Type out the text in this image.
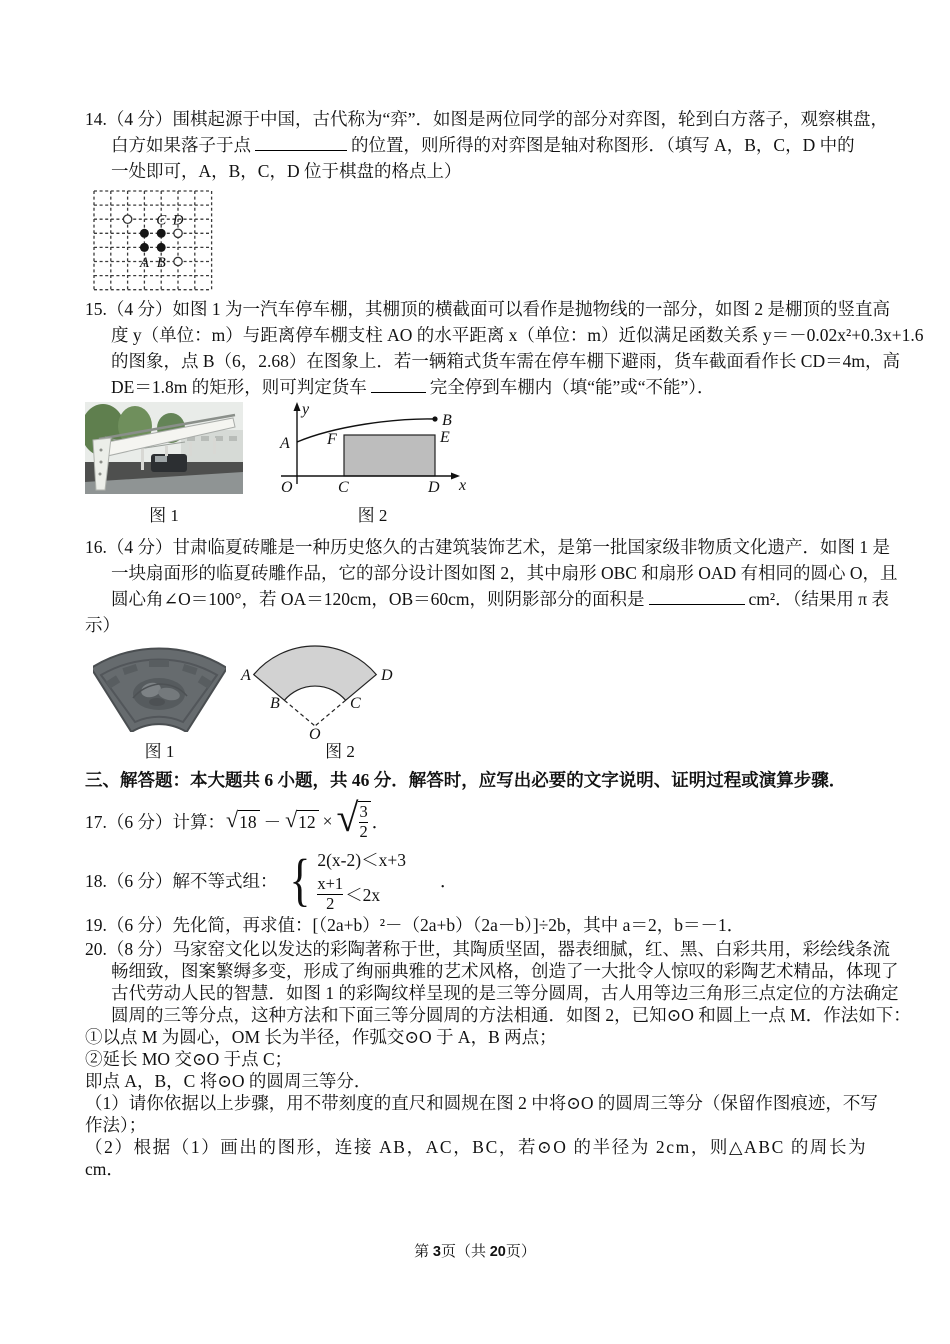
14.（4 分）围棋起源于中国，古代称为“弈”．如图是两位同学的部分对弈图，轮到白方落子，观察棋盘，
白方如果落子于点	的位置，则所得的对弈图是轴对称图形．（填写 A，B，C，D 中的
一处即可，A，B，C，D 位于棋盘的格点上）
C D
A B
15.（4 分）如图 1 为一汽车停车棚，其棚顶的横截面可以看作是抛物线的一部分，如图 2 是棚顶的竖直高
度 y（单位：m）与距离停车棚支柱 AO 的水平距离 x（单位：m）近似满足函数关系 y＝－0.02x²+0.3x+1.6
的图象，点 B（6，2.68）在图象上．若一辆箱式货车需在停车棚下避雨，货车截面看作长 CD＝4m，高
DE＝1.8m 的矩形，则可判定货车	完全停到车棚内（填“能”或“不能”）．
y
x
O
A
B
C	D
E
F
图 1	图 2
16.（4 分）甘肃临夏砖雕是一种历史悠久的古建筑装饰艺术，是第一批国家级非物质文化遗产．如图 1 是
一块扇面形的临夏砖雕作品，它的部分设计图如图 2，其中扇形 OBC 和扇形 OAD 有相同的圆心 O，且
圆心角∠O＝100°，若 OA＝120cm，OB＝60cm，则阴影部分的面积是	cm²．（结果用 π 表
示）
A
B	C
D
O
图 1	图 2
三、解答题：本大题共 6 小题，共 46 分．解答时，应写出必要的文字说明、证明过程或演算步骤．
17.（6 分）计算： √ 18 － √ 12 × √ $\frac{3}{2}$ ．
18.（6 分）解不等式组： { 2(x-2)＜x+3
$\frac{x+1}{2} <2x$
．
19.（6 分）先化简，再求值：[（2a+b）²－（2a+b）（2a－b）]÷2b，其中 a＝2，b＝－1．
20.（8 分）马家窑文化以发达的彩陶著称于世，其陶质坚固，器表细腻，红、黑、白彩共用，彩绘线条流
畅细致，图案繁缛多变，形成了绚丽典雅的艺术风格，创造了一大批令人惊叹的彩陶艺术精品，体现了
古代劳动人民的智慧．如图 1 的彩陶纹样呈现的是三等分圆周，古人用等边三角形三点定位的方法确定
圆周的三等分点，这种方法和下面三等分圆周的方法相通．如图 2，已知⊙O 和圆上一点 M．作法如下：
①以点 M 为圆心，OM 长为半径，作弧交⊙O 于 A，B 两点；
②延长 MO 交⊙O 于点 C；
即点 A，B，C 将⊙O 的圆周三等分．
（1）请你依据以上步骤，用不带刻度的直尺和圆规在图 2 中将⊙O 的圆周三等分（保留作图痕迹，不写
作法）；
（2）根据（1）画出的图形，连接 AB，AC，BC，若⊙O 的半径为 2cm，则△ABC 的周长为
cm．
第 3页（共 20页）
